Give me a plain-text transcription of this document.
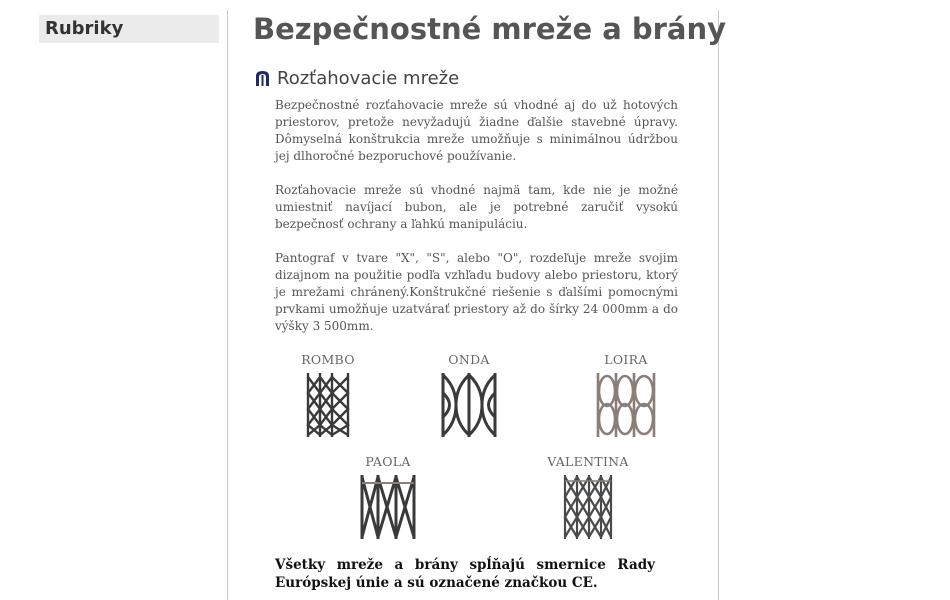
Rubriky	Bezpečnostné mreže a brány
Rozťahovacie mreže

Bezpečnostné rozťahovacie mreže sú vhodné aj do už hotových priestorov, pretože nevyžadujú žiadne ďalšie stavebné úpravy. Dômyselná konštrukcia mreže umožňuje s minimálnou údržbou jej dlhoročné bezporuchové používanie.

Rozťahovacie mreže sú vhodné najmä tam, kde nie je možné umiestniť navíjací bubon, ale je potrebné zaručiť vysokú bezpečnosť ochrany a ľahkú manipuláciu.

Pantograf v tvare "X", "S", alebo "O", rozdeľuje mreže svojim dizajnom na použitie podľa vzhľadu budovy alebo priestoru, ktorý je mrežami chránený.Konštrukčné riešenie s ďalšími pomocnými prvkami umožňuje uzatvárať priestory až do šírky 24 000mm a do výšky 3 500mm.

ROMBO	ONDA	LOIRA
PAOLA	VALENTINA
Všetky mreže a brány spĺňajú smernice Rady Európskej únie a sú označené značkou CE.
